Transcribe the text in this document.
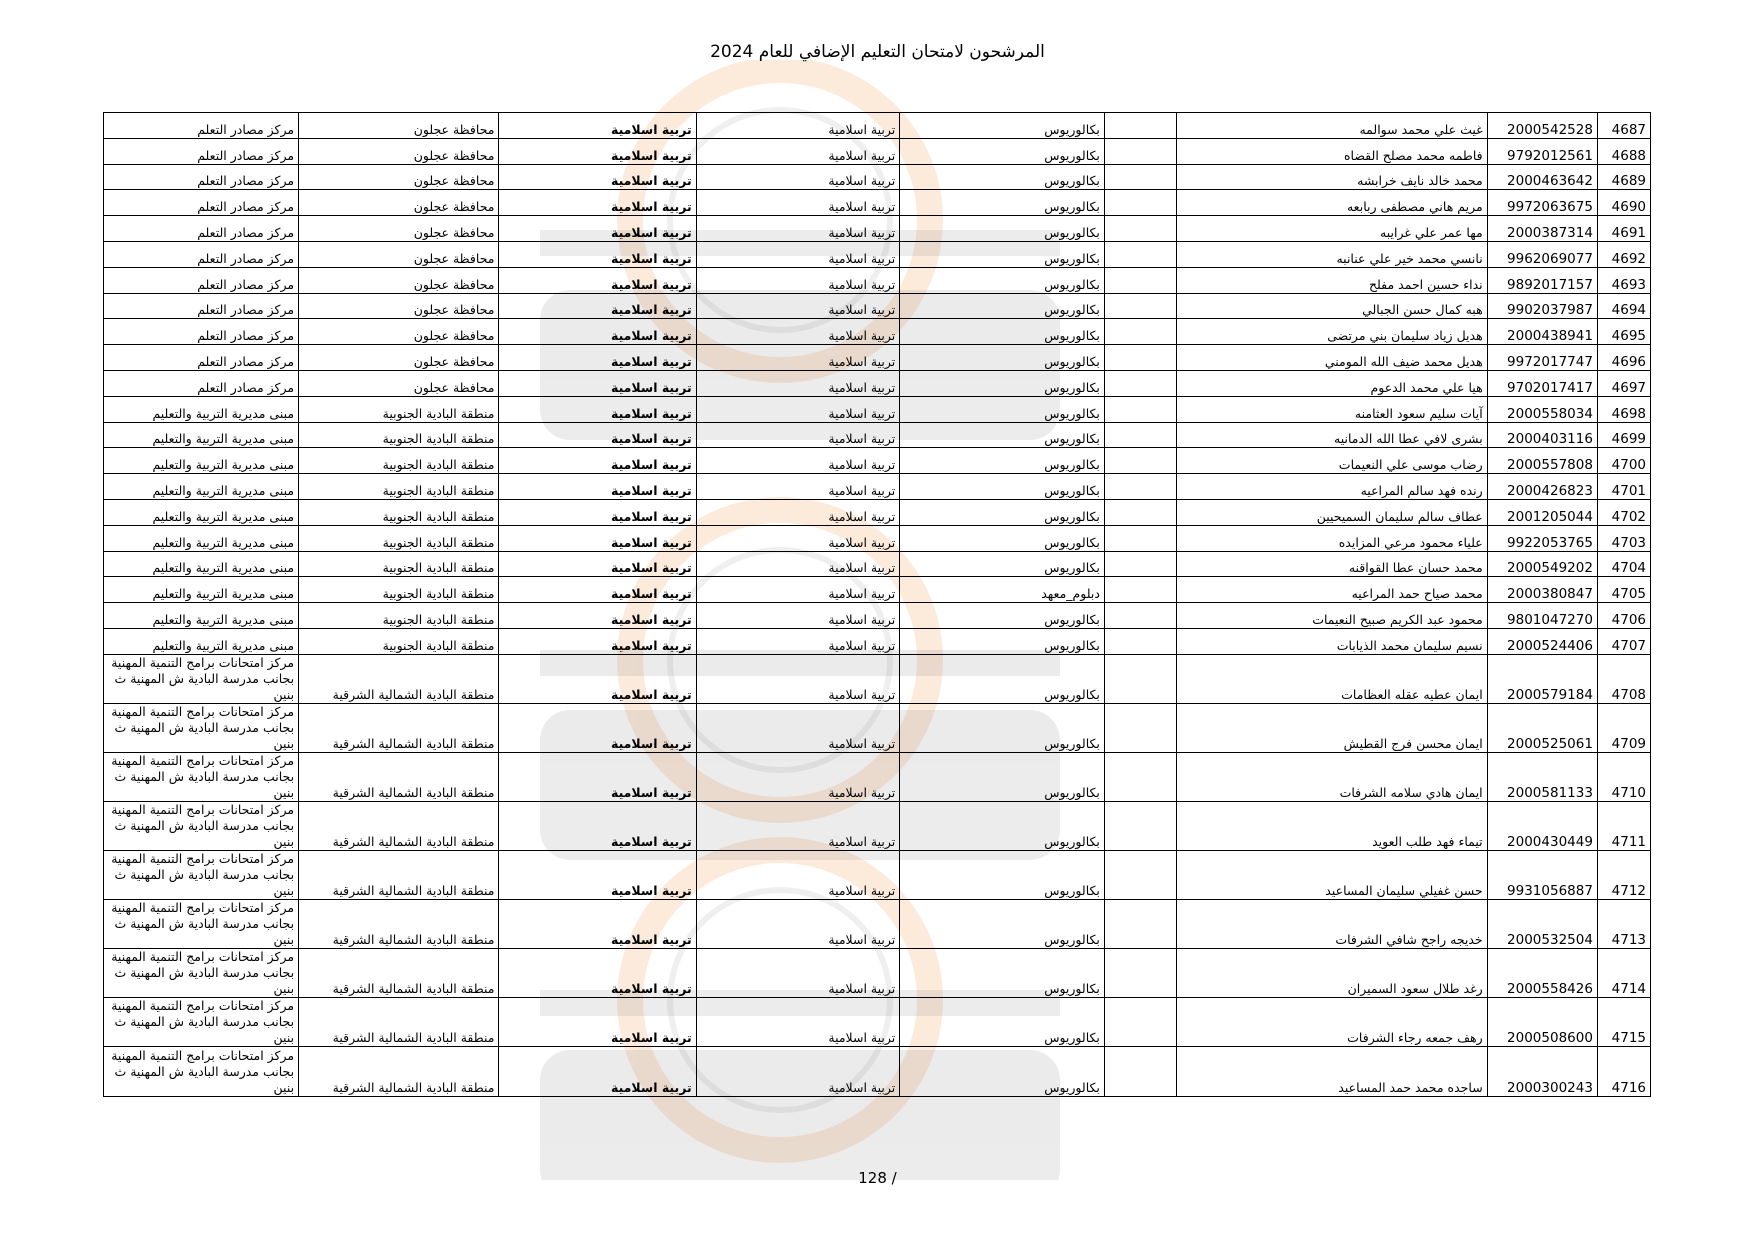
المرشحون لامتحان التعليم الإضافي للعام 2024
مركز مصادر التعلم	محافظة عجلون	تربية اسلامية	تربية اسلامية	بكالوريوس		غيث علي محمد سوالمه	2000542528	4687
مركز مصادر التعلم	محافظة عجلون	تربية اسلامية	تربية اسلامية	بكالوريوس		فاطمه محمد مصلح القضاه	9792012561	4688
مركز مصادر التعلم	محافظة عجلون	تربية اسلامية	تربية اسلامية	بكالوريوس		محمد خالد نايف خرابشه	2000463642	4689
مركز مصادر التعلم	محافظة عجلون	تربية اسلامية	تربية اسلامية	بكالوريوس		مريم هاني مصطفى ربابعه	9972063675	4690
مركز مصادر التعلم	محافظة عجلون	تربية اسلامية	تربية اسلامية	بكالوريوس		مها عمر علي غرايبه	2000387314	4691
مركز مصادر التعلم	محافظة عجلون	تربية اسلامية	تربية اسلامية	بكالوريوس		نانسي محمد خير علي عنانبه	9962069077	4692
مركز مصادر التعلم	محافظة عجلون	تربية اسلامية	تربية اسلامية	بكالوريوس		نداء حسين احمد مفلح	9892017157	4693
مركز مصادر التعلم	محافظة عجلون	تربية اسلامية	تربية اسلامية	بكالوريوس		هبه كمال حسن الجبالي	9902037987	4694
مركز مصادر التعلم	محافظة عجلون	تربية اسلامية	تربية اسلامية	بكالوريوس		هديل زياد سليمان بني مرتضى	2000438941	4695
مركز مصادر التعلم	محافظة عجلون	تربية اسلامية	تربية اسلامية	بكالوريوس		هديل محمد ضيف الله المومني	9972017747	4696
مركز مصادر التعلم	محافظة عجلون	تربية اسلامية	تربية اسلامية	بكالوريوس		هيا علي محمد الدعوم	9702017417	4697
مبنى مديرية التربية والتعليم	منطقة البادية الجنوبية	تربية اسلامية	تربية اسلامية	بكالوريوس		آيات سليم سعود العثامنه	2000558034	4698
مبنى مديرية التربية والتعليم	منطقة البادية الجنوبية	تربية اسلامية	تربية اسلامية	بكالوريوس		بشرى لافي عطا الله الدمانيه	2000403116	4699
مبنى مديرية التربية والتعليم	منطقة البادية الجنوبية	تربية اسلامية	تربية اسلامية	بكالوريوس		رضاب موسى علي النعيمات	2000557808	4700
مبنى مديرية التربية والتعليم	منطقة البادية الجنوبية	تربية اسلامية	تربية اسلامية	بكالوريوس		رنده فهد سالم المراعيه	2000426823	4701
مبنى مديرية التربية والتعليم	منطقة البادية الجنوبية	تربية اسلامية	تربية اسلامية	بكالوريوس		عطاف سالم سليمان السميحيين	2001205044	4702
مبنى مديرية التربية والتعليم	منطقة البادية الجنوبية	تربية اسلامية	تربية اسلامية	بكالوريوس		علياء محمود مرعي المزايده	9922053765	4703
مبنى مديرية التربية والتعليم	منطقة البادية الجنوبية	تربية اسلامية	تربية اسلامية	بكالوريوس		محمد حسان عطا القواقنه	2000549202	4704
مبنى مديرية التربية والتعليم	منطقة البادية الجنوبية	تربية اسلامية	تربية اسلامية	دبلوم_معهد		محمد صياح حمد المراعيه	2000380847	4705
مبنى مديرية التربية والتعليم	منطقة البادية الجنوبية	تربية اسلامية	تربية اسلامية	بكالوريوس		محمود عبد الكريم صبيح النعيمات	9801047270	4706
مبنى مديرية التربية والتعليم	منطقة البادية الجنوبية	تربية اسلامية	تربية اسلامية	بكالوريوس		نسيم سليمان محمد الذيابات	2000524406	4707

مركز امتحانات برامج التنمية المهنية
بجانب مدرسة البادية ش المهنية ث بنين	منطقة البادية الشمالية الشرقية	تربية اسلامية	تربية اسلامية	بكالوريوس		ايمان عطيه عقله العظامات	2000579184	4708

مركز امتحانات برامج التنمية المهنية
بجانب مدرسة البادية ش المهنية ث بنين	منطقة البادية الشمالية الشرقية	تربية اسلامية	تربية اسلامية	بكالوريوس		ايمان محسن فرج القطيش	2000525061	4709

مركز امتحانات برامج التنمية المهنية
بجانب مدرسة البادية ش المهنية ث بنين	منطقة البادية الشمالية الشرقية	تربية اسلامية	تربية اسلامية	بكالوريوس		ايمان هادي سلامه الشرفات	2000581133	4710

مركز امتحانات برامج التنمية المهنية
بجانب مدرسة البادية ش المهنية ث بنين	منطقة البادية الشمالية الشرقية	تربية اسلامية	تربية اسلامية	بكالوريوس		تيماء فهد طلب العويد	2000430449	4711

مركز امتحانات برامج التنمية المهنية
بجانب مدرسة البادية ش المهنية ث بنين	منطقة البادية الشمالية الشرقية	تربية اسلامية	تربية اسلامية	بكالوريوس		حسن غفيلي سليمان المساعيد	9931056887	4712

مركز امتحانات برامج التنمية المهنية
بجانب مدرسة البادية ش المهنية ث بنين	منطقة البادية الشمالية الشرقية	تربية اسلامية	تربية اسلامية	بكالوريوس		خديجه راجح شافي الشرفات	2000532504	4713

مركز امتحانات برامج التنمية المهنية
بجانب مدرسة البادية ش المهنية ث بنين	منطقة البادية الشمالية الشرقية	تربية اسلامية	تربية اسلامية	بكالوريوس		رغد طلال سعود السميران	2000558426	4714

مركز امتحانات برامج التنمية المهنية
بجانب مدرسة البادية ش المهنية ث بنين	منطقة البادية الشمالية الشرقية	تربية اسلامية	تربية اسلامية	بكالوريوس		رهف جمعه رجاء الشرفات	2000508600	4715

مركز امتحانات برامج التنمية المهنية
بجانب مدرسة البادية ش المهنية ث بنين	منطقة البادية الشمالية الشرقية	تربية اسلامية	تربية اسلامية	بكالوريوس		ساجده محمد حمد المساعيد	2000300243	4716
128 /
